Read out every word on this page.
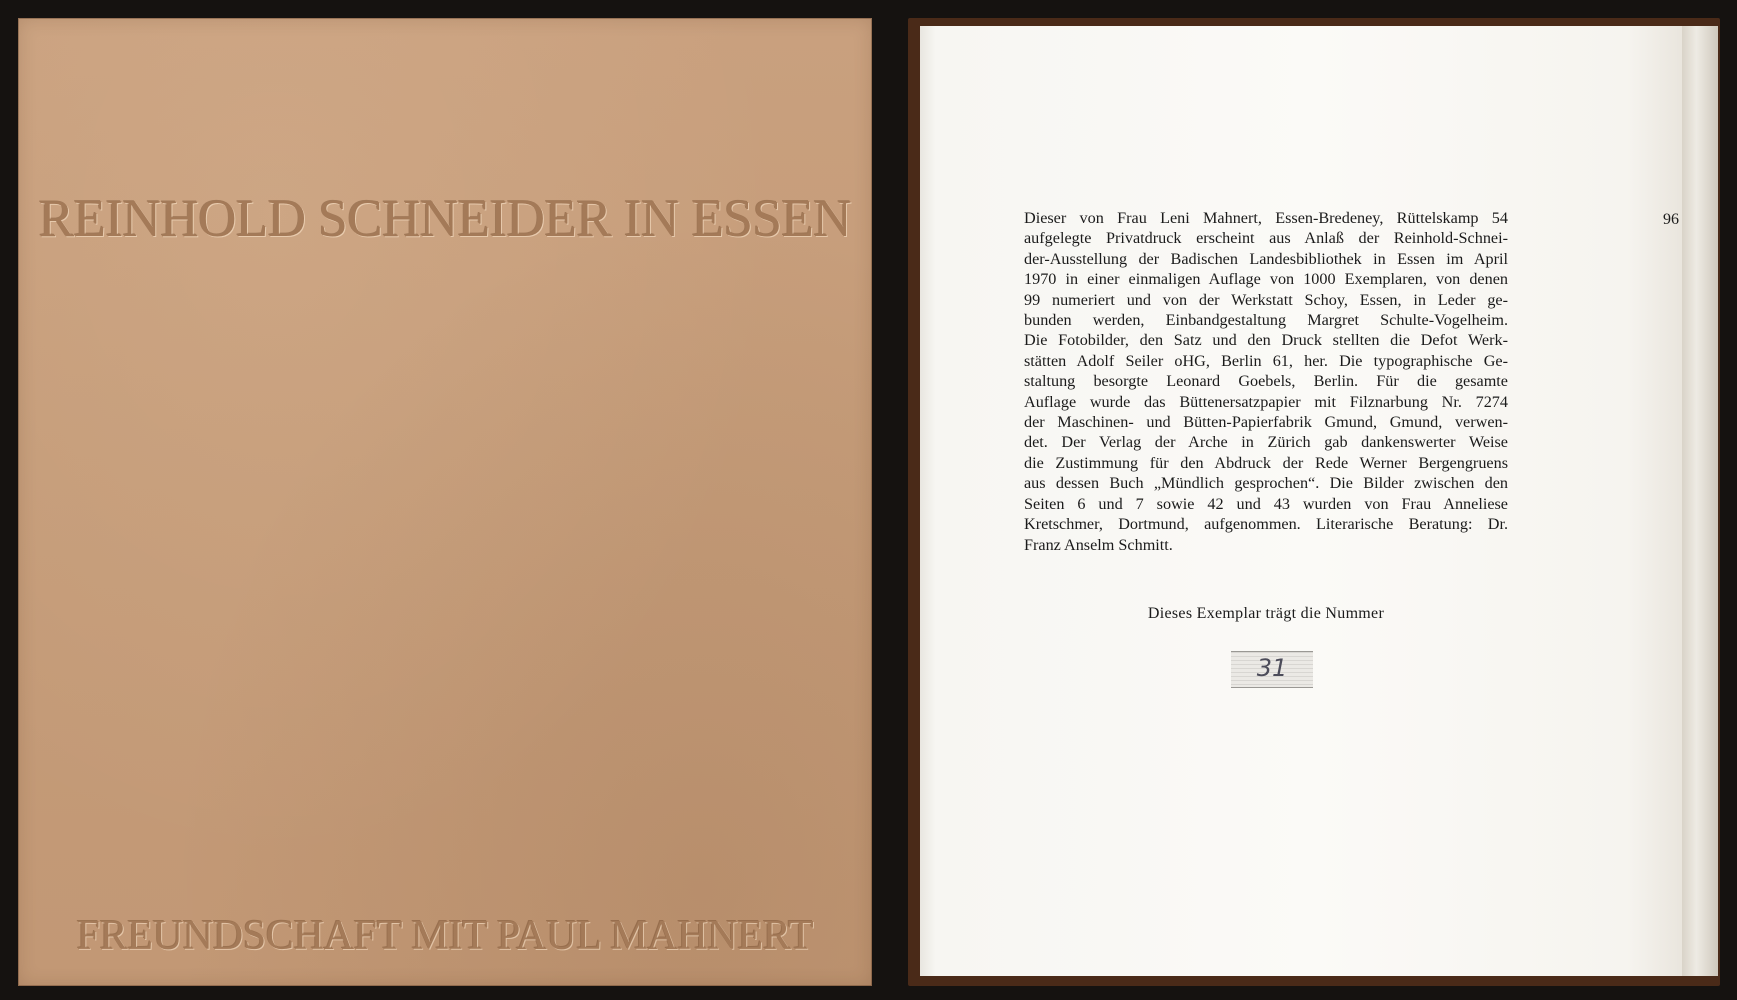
REINHOLD SCHNEIDER IN ESSEN
FREUNDSCHAFT MIT PAUL MAHNERT

96

Dieser von Frau Leni Mahnert, Essen-Bredeney, Rüttelskamp 54
aufgelegte Privatdruck erscheint aus Anlaß der Reinhold-Schnei-
der-Ausstellung der Badischen Landesbibliothek in Essen im April
1970 in einer einmaligen Auflage von 1000 Exemplaren, von denen
99 numeriert und von der Werkstatt Schoy, Essen, in Leder ge-
bunden werden, Einbandgestaltung Margret Schulte-Vogelheim.
Die Fotobilder, den Satz und den Druck stellten die Defot Werk-
stätten Adolf Seiler oHG, Berlin 61, her. Die typographische Ge-
staltung besorgte Leonard Goebels, Berlin. Für die gesamte
Auflage wurde das Büttenersatzpapier mit Filznarbung Nr. 7274
der Maschinen- und Bütten-Papierfabrik Gmund, Gmund, verwen-
det. Der Verlag der Arche in Zürich gab dankenswerter Weise
die Zustimmung für den Abdruck der Rede Werner Bergengruens
aus dessen Buch „Mündlich gesprochen“. Die Bilder zwischen den
Seiten 6 und 7 sowie 42 und 43 wurden von Frau Anneliese
Kretschmer, Dortmund, aufgenommen. Literarische Beratung: Dr.
Franz Anselm Schmitt.

Dieses Exemplar trägt die Nummer

31
